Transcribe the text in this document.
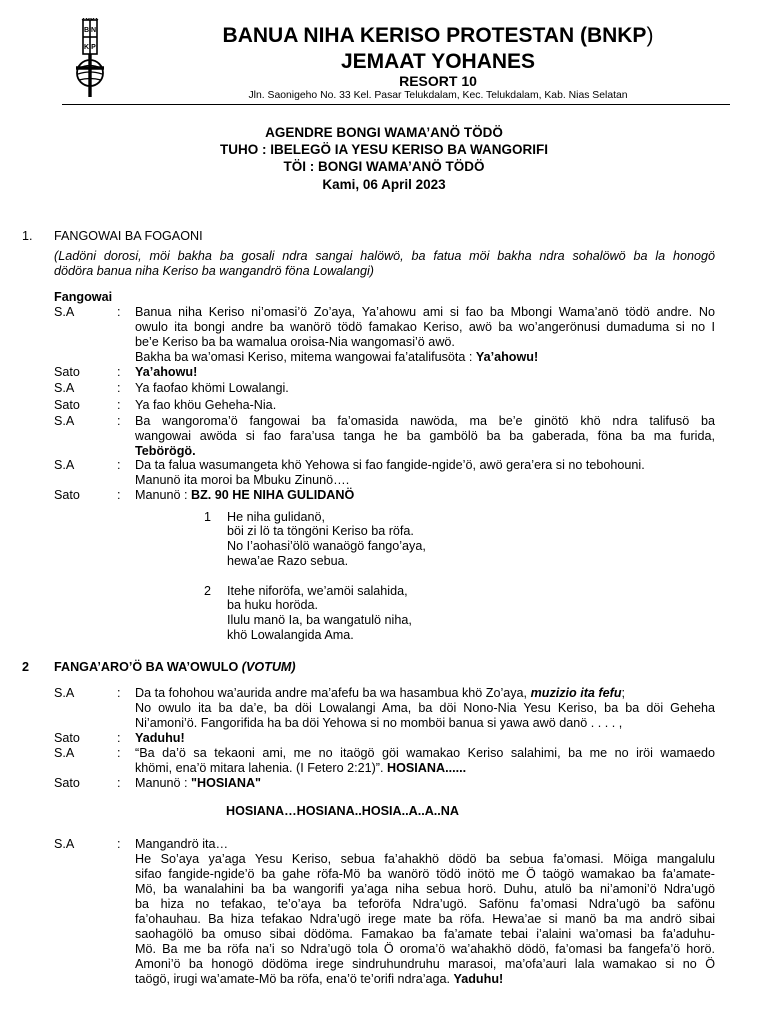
B N
K P
BANUA NIHA KERISO PROTESTAN (BNKP)
JEMAAT YOHANES
RESORT 10
Jln. Saonigeho No. 33 Kel. Pasar Telukdalam, Kec. Telukdalam, Kab. Nias Selatan
AGENDRE BONGI WAMA’ANÖ TÖDÖ
TUHO : IBELEGÖ IA YESU KERISO BA WANGORIFI
TÖI : BONGI WAMA’ANÖ TÖDÖ
Kami, 06 April 2023
1. FANGOWAI BA FOGAONI
(Ladöni dorosi, möi bakha ba gosali ndra sangai halöwö, ba fatua möi bakha ndra sohalöwö ba la honogö
dödöra banua niha Keriso ba wangandrö föna Lowalangi)
Fangowai
S.A	: Banua niha Keriso ni’omasi’ö Zo’aya, Ya’ahowu ami si fao ba Mbongi Wama’anö tödö andre. No
owulo ita bongi andre ba wanörö tödö famakao Keriso, awö ba wo’angerönusi dumaduma si no I
be’e Keriso ba ba wamalua oroisa-Nia wangomasi’ö awö.
Bakha ba wa’omasi Keriso, mitema wangowai fa’atalifusöta : Ya’ahowu!
Sato	: Ya’ahowu!
S.A	: Ya faofao khömi Lowalangi.
Sato	: Ya fao khöu Geheha-Nia.
S.A	: Ba wangoroma’ö fangowai ba fa’omasida nawöda, ma be’e ginötö khö ndra talifusö ba
wangowai awöda si fao fara’usa tanga he ba gambölö ba ba gaberada, föna ba ma furida,
Tebörögö.
S.A	: Da ta falua wasumangeta khö Yehowa si fao fangide-ngide’ö, awö gera’era si no tebohouni.
Manunö ita moroi ba Mbuku Zinunö….
Sato	: Manunö : BZ. 90 HE NIHA GULIDANÖ
1 He niha gulidanö,
böi zi lö ta töngöni Keriso ba röfa.
No I’aohasi’ölö wanaögö fango’aya,
hewa’ae Razo sebua.
2 Itehe niforöfa, we’amöi salahida,
ba huku horöda.
Ilulu manö Ia, ba wangatulö niha,
khö Lowalangida Ama.
2 FANGA’ARO’Ö BA WA’OWULO (VOTUM)
S.A	: Da ta fohohou wa’aurida andre ma’afefu ba wa hasambua khö Zo’aya, muzizio ita fefu;
No owulo ita ba da’e, ba döi Lowalangi Ama, ba döi Nono-Nia Yesu Keriso, ba ba döi Geheha
Ni’amoni’ö. Fangorifida ha ba döi Yehowa si no momböi banua si yawa awö danö . . . . ,
Sato	: Yaduhu!
S.A	: “Ba da’ö sa tekaoni ami, me no itaögö göi wamakao Keriso salahimi, ba me no iröi wamaedo
khömi, ena’ö mitara lahenia. (I Fetero 2:21)”. HOSIANA......
Sato	: Manunö : "HOSIANA"
HOSIANA…HOSIANA..HOSIA..A..A..NA
S.A	: Mangandrö ita…
He So’aya ya’aga Yesu Keriso, sebua fa’ahakhö dödö ba sebua fa’omasi. Möiga mangalulu
sifao fangide-ngide’ö ba gahe röfa-Mö ba wanörö tödö inötö me Ö taögö wamakao ba fa’amate-
Mö, ba wanalahini ba ba wangorifi ya’aga niha sebua horö. Duhu, atulö ba ni’amoni’ö Ndra’ugö
ba hiza no tefakao, te’o’aya ba teforöfa Ndra’ugö. Safönu fa’omasi Ndra’ugö ba safönu
fa’ohauhau. Ba hiza tefakao Ndra’ugö irege mate ba röfa. Hewa’ae si manö ba ma andrö sibai
saohagölö ba omuso sibai dödöma. Famakao ba fa’amate tebai i’alaini wa’omasi ba fa’aduhu-
Mö. Ba me ba röfa na’i so Ndra’ugö tola Ö oroma’ö wa’ahakhö dödö, fa’omasi ba fangefa’ö horö.
Amoni’ö ba honogö dödöma irege sindruhundruhu marasoi, ma’ofa’auri lala wamakao si no Ö
taögö, irugi wa’amate-Mö ba röfa, ena’ö te’orifi ndra’aga. Yaduhu!
